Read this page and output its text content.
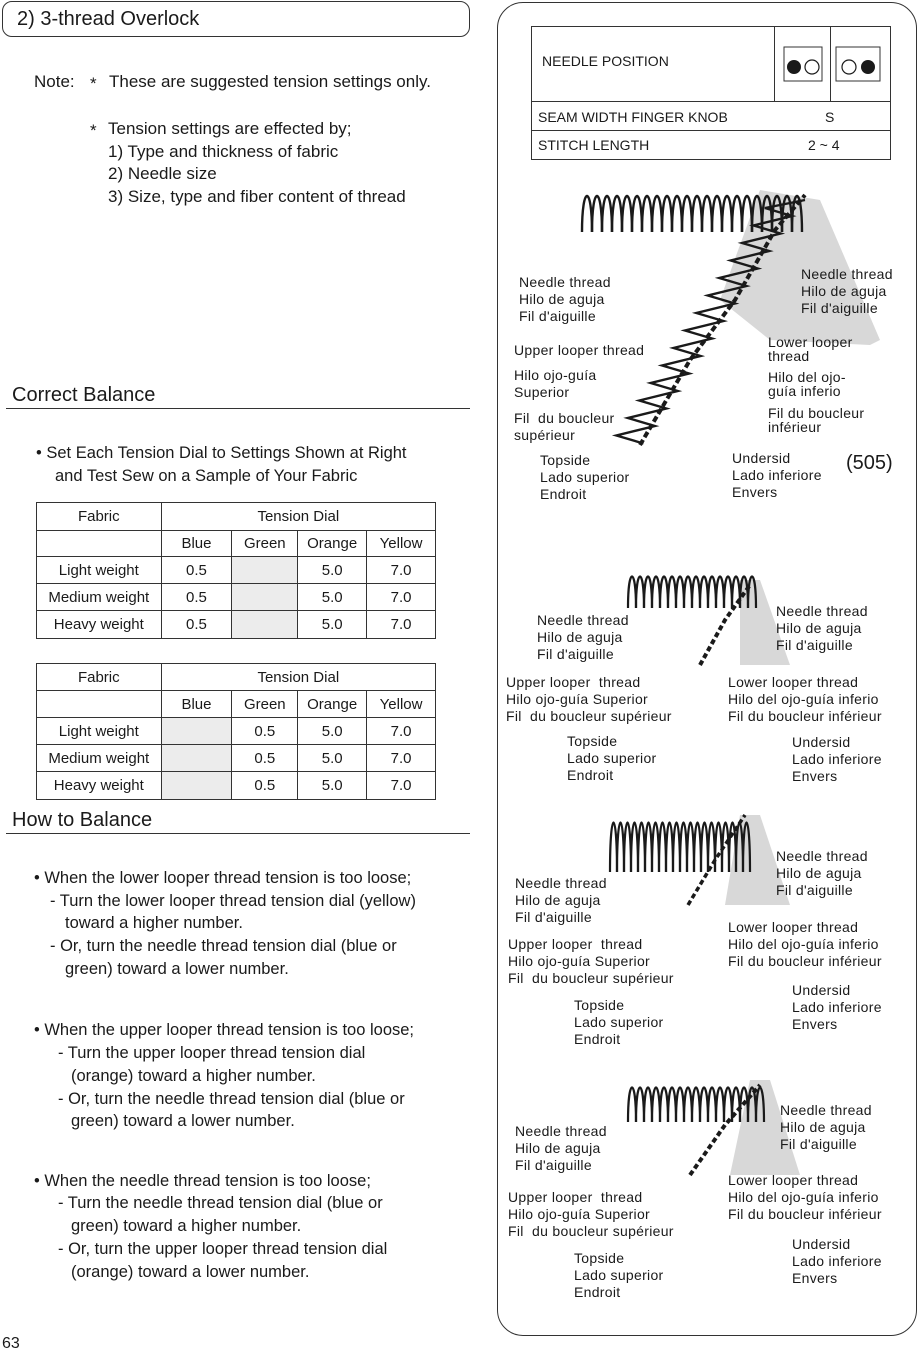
2) 3-thread Overlock
Note: * These are suggested tension settings only.
* Tension settings are effected by;
1) Type and thickness of fabric
2) Needle size
3) Size, type and fiber content of thread
Correct Balance
• Set Each Tension Dial to Settings Shown at Right
and Test Sew on a Sample of Your Fabric
Fabric	Tension Dial			
	Blue	Green	Orange	Yellow
Light weight	0.5		5.0	7.0
Medium weight	0.5		5.0	7.0
Heavy weight	0.5		5.0	7.0
Fabric	Tension Dial			
	Blue	Green	Orange	Yellow
Light weight		0.5	5.0	7.0
Medium weight		0.5	5.0	7.0
Heavy weight		0.5	5.0	7.0
How to Balance
• When the lower looper thread tension is too loose;
- Turn the lower looper thread tension dial (yellow)
toward a higher number.
- Or, turn the needle thread tension dial (blue or
green) toward a lower number.
• When the upper looper thread tension is too loose;
- Turn the upper looper thread tension dial
(orange) toward a higher number.
- Or, turn the needle thread tension dial (blue or
green) toward a lower number.
• When the needle thread tension is too loose;
- Turn the needle thread tension dial (blue or
green) toward a higher number.
- Or, turn the upper looper thread tension dial
(orange) toward a lower number.
63
NEEDLE POSITION
SEAM WIDTH FINGER KNOB	S
STITCH LENGTH	2 ~ 4
(505)
Needle thread
Hilo de aguja
Fil d'aiguille
Needle thread
Hilo de aguja
Fil d'aiguille
Upper looper thread
Hilo ojo-guía
Superior
Fil  du boucleur
supérieur
Lower looper
thread
Hilo del ojo-
guía inferio
Fil du boucleur
inférieur
Topside
Lado superior
Endroit
Undersid
Lado inferiore
Envers
Needle thread
Hilo de aguja
Fil d'aiguille
Needle thread
Hilo de aguja
Fil d'aiguille
Upper looper  thread
Hilo ojo-guía Superior
Fil  du boucleur supérieur
Lower looper thread
Hilo del ojo-guía inferio
Fil du boucleur inférieur
Topside
Lado superior
Endroit
Undersid
Lado inferiore
Envers
Needle thread
Hilo de aguja
Fil d'aiguille
Needle thread
Hilo de aguja
Fil d'aiguille
Upper looper  thread
Hilo ojo-guía Superior
Fil  du boucleur supérieur
Lower looper thread
Hilo del ojo-guía inferio
Fil du boucleur inférieur
Topside
Lado superior
Endroit
Undersid
Lado inferiore
Envers
Needle thread
Hilo de aguja
Fil d'aiguille
Needle thread
Hilo de aguja
Fil d'aiguille
Upper looper  thread
Hilo ojo-guía Superior
Fil  du boucleur supérieur
Lower looper thread
Hilo del ojo-guía inferio
Fil du boucleur inférieur
Topside
Lado superior
Endroit
Undersid
Lado inferiore
Envers
